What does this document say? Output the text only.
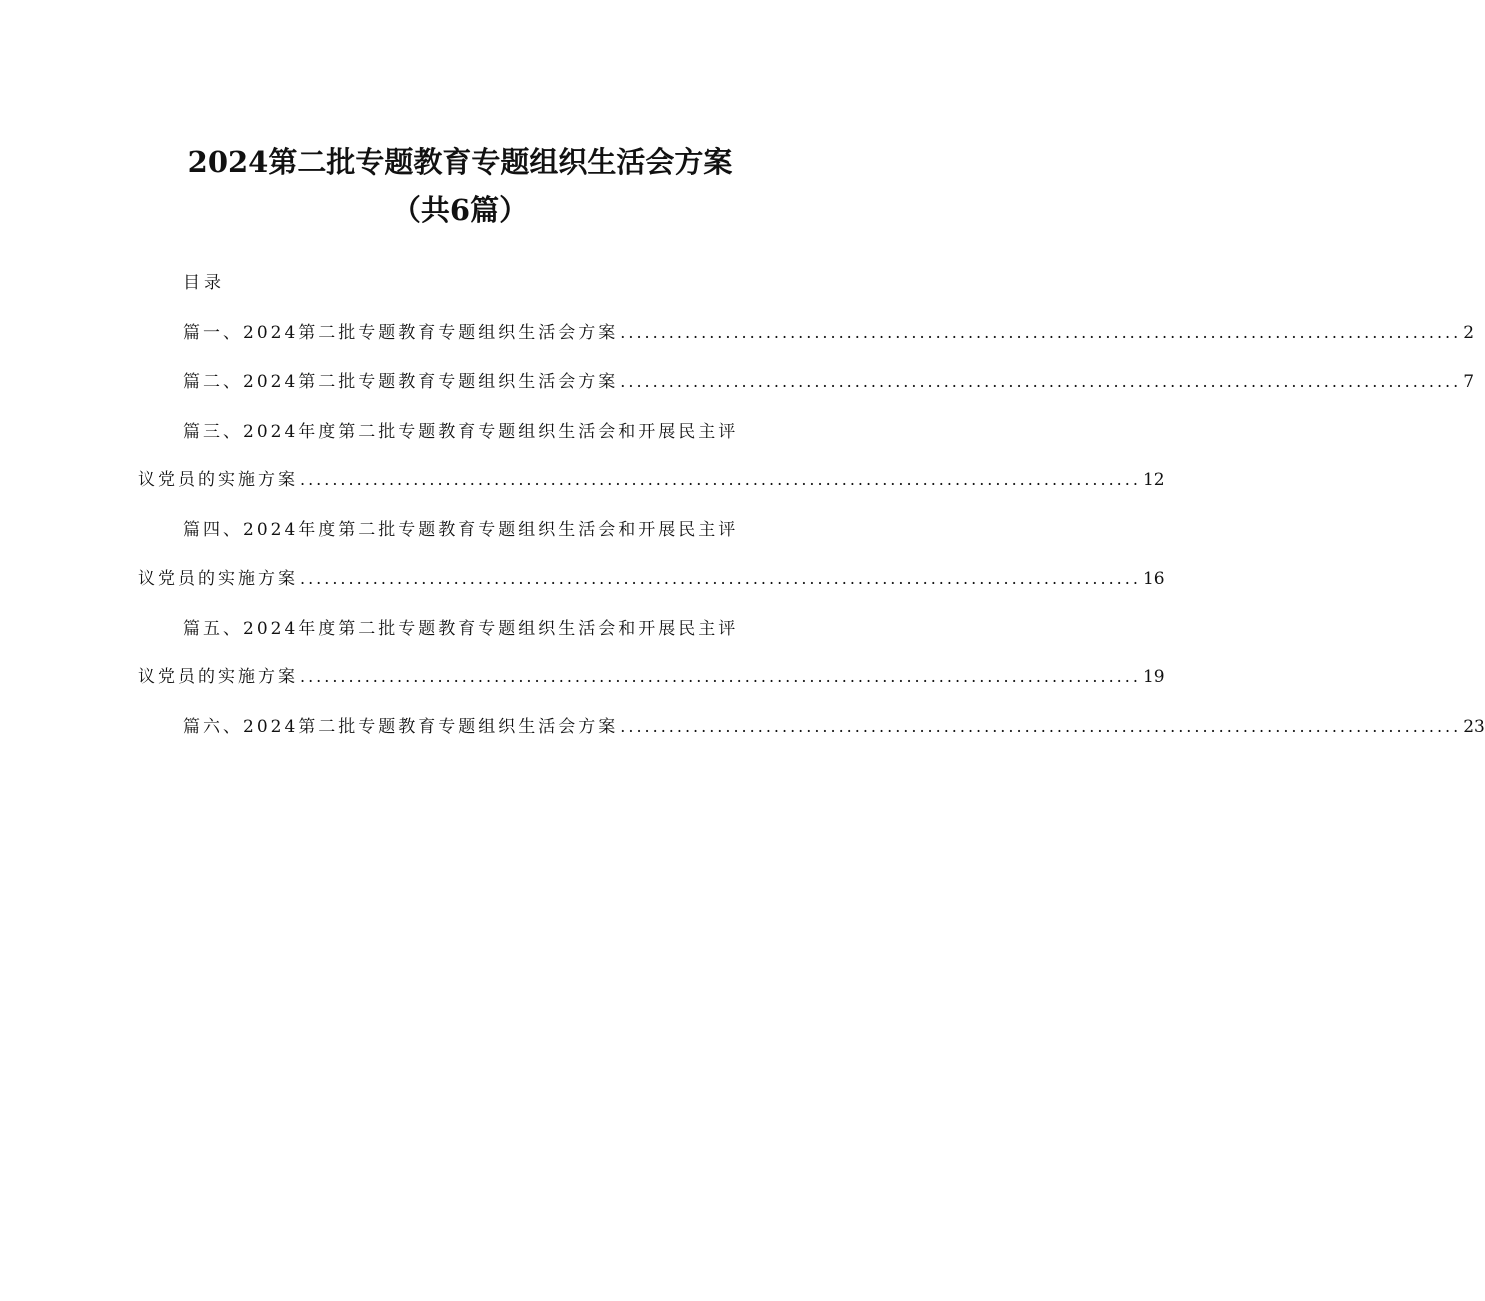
2024第二批专题教育专题组织生活会方案
（共6篇）
目录
篇一、2024第二批专题教育专题组织生活会方案 ........................................................................................................ 2
篇二、2024第二批专题教育专题组织生活会方案 ........................................................................................................ 7
篇三、2024年度第二批专题教育专题组织生活会和开展民主评
议党员的实施方案 ........................................................................................................ 12
篇四、2024年度第二批专题教育专题组织生活会和开展民主评
议党员的实施方案 ........................................................................................................ 16
篇五、2024年度第二批专题教育专题组织生活会和开展民主评
议党员的实施方案 ........................................................................................................ 19
篇六、2024第二批专题教育专题组织生活会方案 ........................................................................................................ 23
